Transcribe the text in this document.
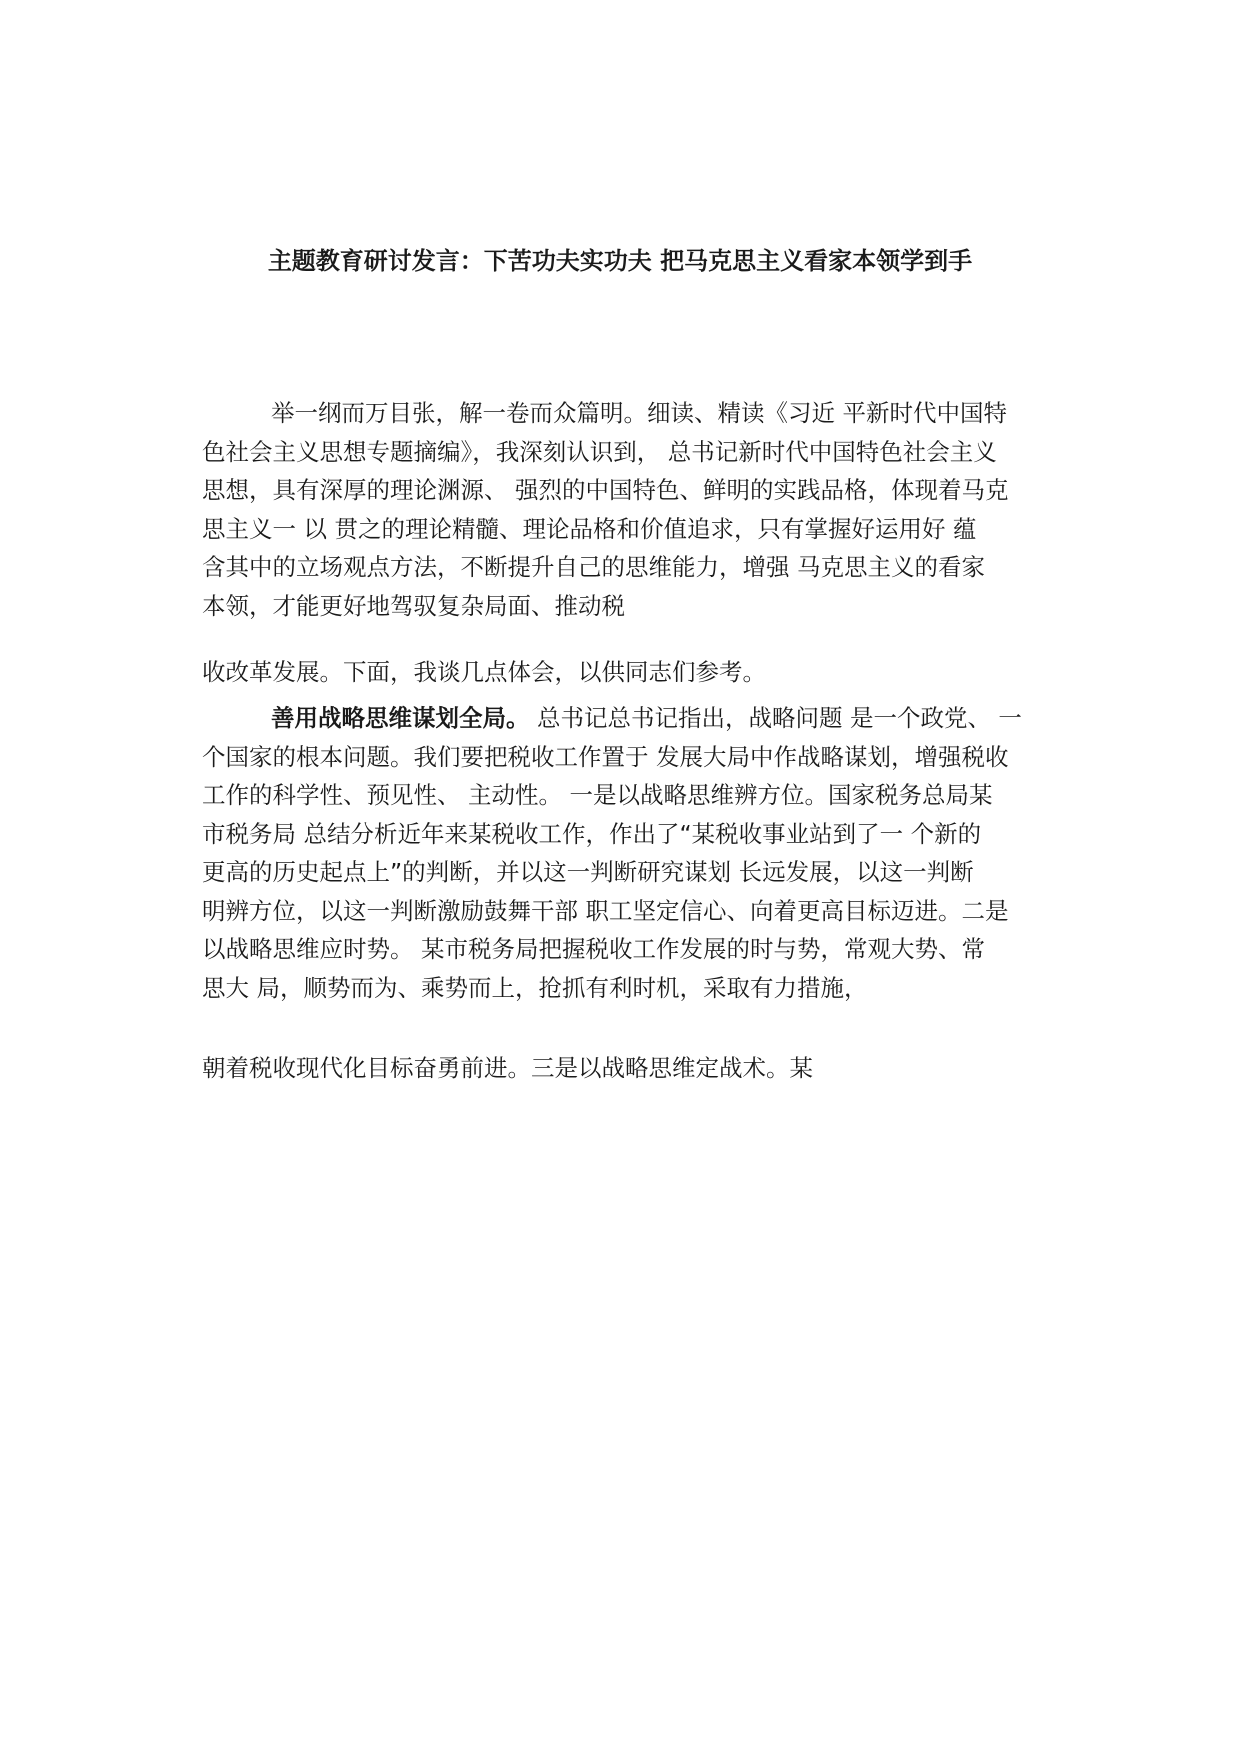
主题教育研讨发言：下苦功夫实功夫 把马克思主义看家本领学到手
举一纲而万目张，解一卷而众篇明。细读、精读《习近 平新时代中国特
色社会主义思想专题摘编》，我深刻认识到， 总书记新时代中国特色社会主义
思想，具有深厚的理论渊源、 强烈的中国特色、鲜明的实践品格，体现着马克
思主义一 以 贯之的理论精髓、理论品格和价值追求，只有掌握好运用好 蕴
含其中的立场观点方法，不断提升自己的思维能力，增强 马克思主义的看家
本领，才能更好地驾驭复杂局面、推动税
收改革发展。下面，我谈几点体会，以供同志们参考。
善用战略思维谋划全局。 总书记总书记指出，战略问题 是一个政党、 一
个国家的根本问题。我们要把税收工作置于 发展大局中作战略谋划，增强税收
工作的科学性、预见性、 主动性。 一是以战略思维辨方位。国家税务总局某
市税务局 总结分析近年来某税收工作，作出了“某税收事业站到了一 个新的
更高的历史起点上”的判断，并以这一判断研究谋划 长远发展，以这一判断
明辨方位，以这一判断激励鼓舞干部 职工坚定信心、向着更高目标迈进。二是
以战略思维应时势。 某市税务局把握税收工作发展的时与势，常观大势、常
思大 局，顺势而为、乘势而上，抢抓有利时机，采取有力措施，
朝着税收现代化目标奋勇前进。三是以战略思维定战术。某
